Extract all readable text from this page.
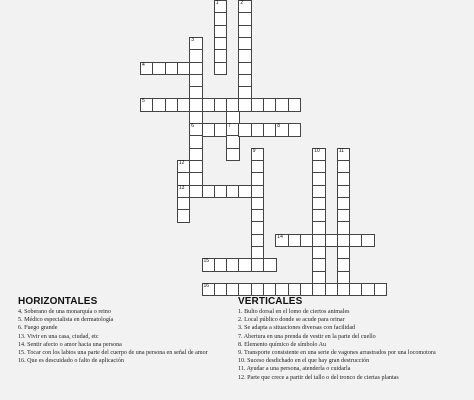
1	2
3
6	7
9	10	11
12
13
4
5
8
14
15
16
HORIZONTALES
4. Soberano de una monarquía o reino
5. Médico especialista en dermatología
6. Fuego grande
13. Vivir en una casa, ciudad, etc
14. Sentir afecto o amor hacia una persona
15. Tocar con los labios una parte del cuerpo de una persona en señal de amor
16. Que es descuidado o falto de aplicación
VERTICALES
1. Bulto dorsal en el lomo de ciertos animales
2. Local público donde se acude para orinar
3. Se adapta a situaciones diversas con facilidad
7. Abertura en una prenda de vestir en la parte del cuello
8. Elemento químico de símbolo Au
9. Transporte consistente en una serie de vagones arrastrados por una locomotora
10. Suceso desdichado en el que hay gran destrucción
11. Ayudar a una persona, atenderla o cuidarla
12. Parte que crece a partir del tallo o del tronco de ciertas plantas
